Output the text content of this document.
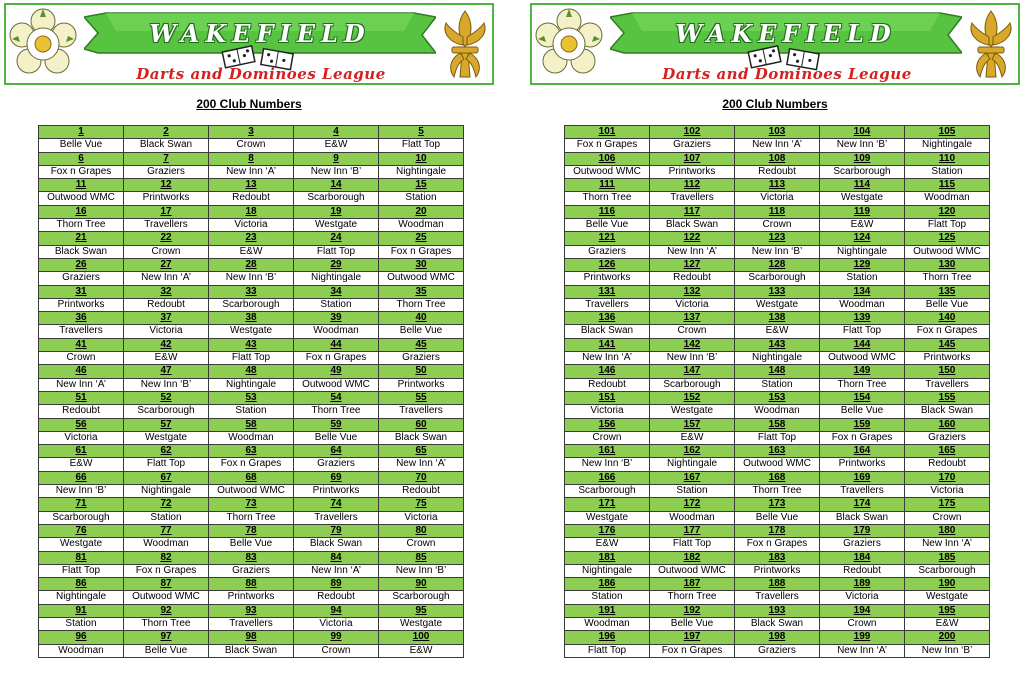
WAKEFIELD
Darts and Dominoes League
200 Club Numbers
1	2	3	4	5
Belle Vue	Black Swan	Crown	E&W	Flatt Top
6	7	8	9	10
Fox n Grapes	Graziers	New Inn ‘A’	New Inn ‘B’	Nightingale
11	12	13	14	15
Outwood WMC	Printworks	Redoubt	Scarborough	Station
16	17	18	19	20
Thorn Tree	Travellers	Victoria	Westgate	Woodman
21	22	23	24	25
Black Swan	Crown	E&W	Flatt Top	Fox n Grapes
26	27	28	29	30
Graziers	New Inn ‘A’	New Inn ‘B’	Nightingale	Outwood WMC
31	32	33	34	35
Printworks	Redoubt	Scarborough	Station	Thorn Tree
36	37	38	39	40
Travellers	Victoria	Westgate	Woodman	Belle Vue
41	42	43	44	45
Crown	E&W	Flatt Top	Fox n Grapes	Graziers
46	47	48	49	50
New Inn ‘A’	New Inn ‘B’	Nightingale	Outwood WMC	Printworks
51	52	53	54	55
Redoubt	Scarborough	Station	Thorn Tree	Travellers
56	57	58	59	60
Victoria	Westgate	Woodman	Belle Vue	Black Swan
61	62	63	64	65
E&W	Flatt Top	Fox n Grapes	Graziers	New Inn ‘A’
66	67	68	69	70
New Inn ‘B’	Nightingale	Outwood WMC	Printworks	Redoubt
71	72	73	74	75
Scarborough	Station	Thorn Tree	Travellers	Victoria
76	77	78	79	80
Westgate	Woodman	Belle Vue	Black Swan	Crown
81	82	83	84	85
Flatt Top	Fox n Grapes	Graziers	New Inn ‘A’	New Inn ‘B’
86	87	88	89	90
Nightingale	Outwood WMC	Printworks	Redoubt	Scarborough
91	92	93	94	95
Station	Thorn Tree	Travellers	Victoria	Westgate
96	97	98	99	100
Woodman	Belle Vue	Black Swan	Crown	E&W
WAKEFIELD
Darts and Dominoes League
200 Club Numbers
101	102	103	104	105
Fox n Grapes	Graziers	New Inn ‘A’	New Inn ‘B’	Nightingale
106	107	108	109	110
Outwood WMC	Printworks	Redoubt	Scarborough	Station
111	112	113	114	115
Thorn Tree	Travellers	Victoria	Westgate	Woodman
116	117	118	119	120
Belle Vue	Black Swan	Crown	E&W	Flatt Top
121	122	123	124	125
Graziers	New Inn ‘A’	New Inn ‘B’	Nightingale	Outwood WMC
126	127	128	129	130
Printworks	Redoubt	Scarborough	Station	Thorn Tree
131	132	133	134	135
Travellers	Victoria	Westgate	Woodman	Belle Vue
136	137	138	139	140
Black Swan	Crown	E&W	Flatt Top	Fox n Grapes
141	142	143	144	145
New Inn ‘A’	New Inn ‘B’	Nightingale	Outwood WMC	Printworks
146	147	148	149	150
Redoubt	Scarborough	Station	Thorn Tree	Travellers
151	152	153	154	155
Victoria	Westgate	Woodman	Belle Vue	Black Swan
156	157	158	159	160
Crown	E&W	Flatt Top	Fox n Grapes	Graziers
161	162	163	164	165
New Inn ‘B’	Nightingale	Outwood WMC	Printworks	Redoubt
166	167	168	169	170
Scarborough	Station	Thorn Tree	Travellers	Victoria
171	172	173	174	175
Westgate	Woodman	Belle Vue	Black Swan	Crown
176	177	178	179	180
E&W	Flatt Top	Fox n Grapes	Graziers	New Inn ‘A’
181	182	183	184	185
Nightingale	Outwood WMC	Printworks	Redoubt	Scarborough
186	187	188	189	190
Station	Thorn Tree	Travellers	Victoria	Westgate
191	192	193	194	195
Woodman	Belle Vue	Black Swan	Crown	E&W
196	197	198	199	200
Flatt Top	Fox n Grapes	Graziers	New Inn ‘A’	New Inn ‘B’
